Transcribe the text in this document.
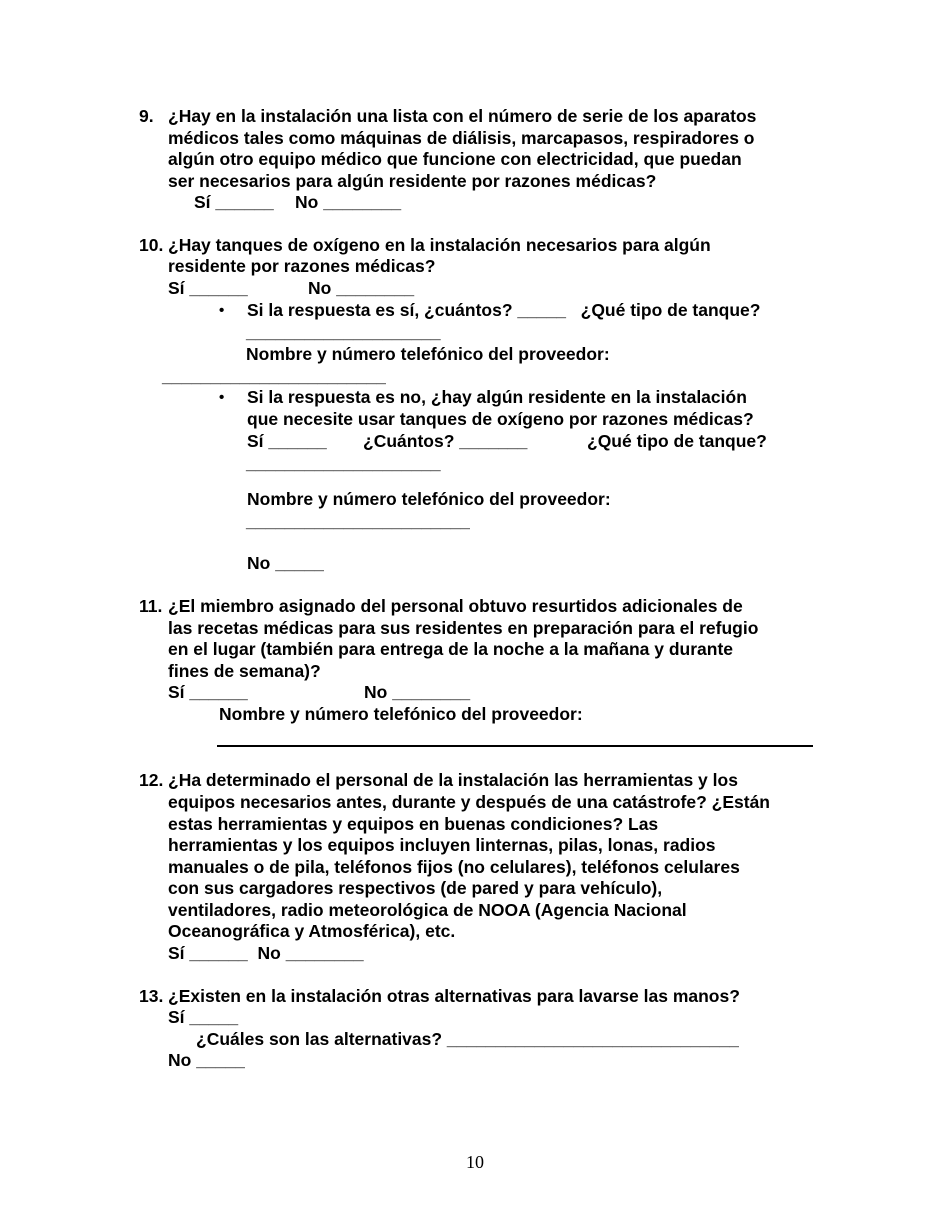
9. ¿Hay en la instalación una lista con el número de serie de los aparatos
médicos tales como máquinas de diálisis, marcapasos, respiradores o
algún otro equipo médico que funcione con electricidad, que puedan
ser necesarios para algún residente por razones médicas?
Sí ______ No ________
10. ¿Hay tanques de oxígeno en la instalación necesarios para algún
residente por razones médicas?
Sí ______	No ________
• Si la respuesta es sí, ¿cuántos? _____   ¿Qué tipo de tanque?
____________________
Nombre y número telefónico del proveedor:
_______________________
• Si la respuesta es no, ¿hay algún residente en la instalación
que necesite usar tanques de oxígeno por razones médicas?
Sí ______ ¿Cuántos? _______	¿Qué tipo de tanque?
____________________
Nombre y número telefónico del proveedor:
_______________________
No _____
11. ¿El miembro asignado del personal obtuvo resurtidos adicionales de
las recetas médicas para sus residentes en preparación para el refugio
en el lugar (también para entrega de la noche a la mañana y durante
fines de semana)?
Sí ______	No ________
Nombre y número telefónico del proveedor:
12. ¿Ha determinado el personal de la instalación las herramientas y los
equipos necesarios antes, durante y después de una catástrofe? ¿Están
estas herramientas y equipos en buenas condiciones? Las
herramientas y los equipos incluyen linternas, pilas, lonas, radios
manuales o de pila, teléfonos fijos (no celulares), teléfonos celulares
con sus cargadores respectivos (de pared y para vehículo),
ventiladores, radio meteorológica de NOOA (Agencia Nacional
Oceanográfica y Atmosférica), etc.
Sí ______  No ________
13. ¿Existen en la instalación otras alternativas para lavarse las manos?
Sí _____
¿Cuáles son las alternativas? ______________________________
No _____
10
